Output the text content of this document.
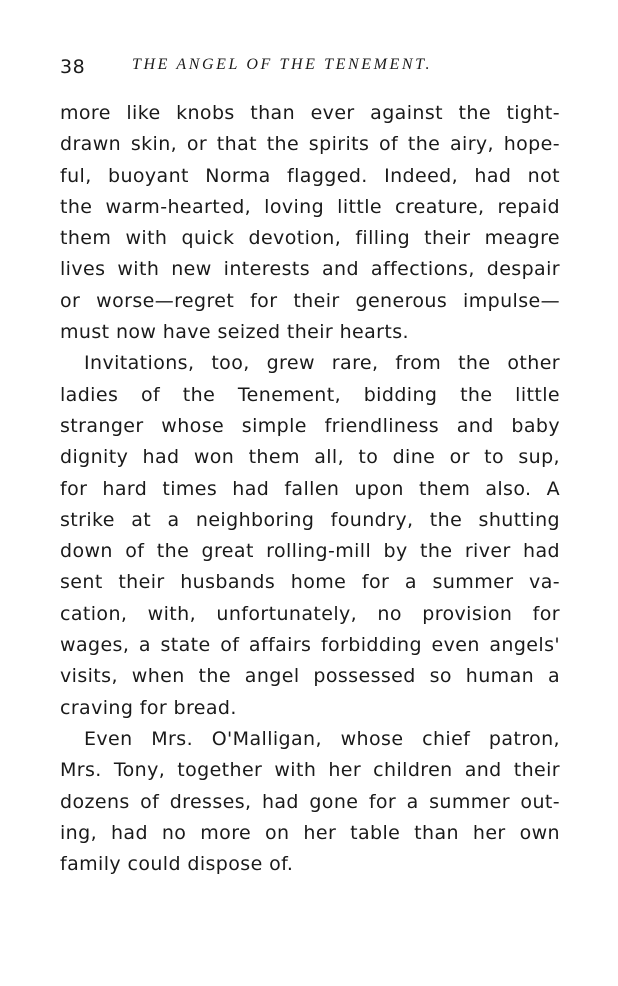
38	THE ANGEL OF THE TENEMENT.
more like knobs than ever against the tight-
drawn skin, or that the spirits of the airy, hope-
ful, buoyant Norma flagged. Indeed, had not
the warm-hearted, loving little creature, repaid
them with quick devotion, filling their meagre
lives with new interests and affections, despair
or worse—regret for their generous impulse—
must now have seized their hearts.
Invitations, too, grew rare, from the other
ladies of the Tenement, bidding the little
stranger whose simple friendliness and baby
dignity had won them all, to dine or to sup,
for hard times had fallen upon them also. A
strike at a neighboring foundry, the shutting
down of the great rolling-mill by the river had
sent their husbands home for a summer va-
cation, with, unfortunately, no provision for
wages, a state of affairs forbidding even angels'
visits, when the angel possessed so human a
craving for bread.
Even Mrs. O'Malligan, whose chief patron,
Mrs. Tony, together with her children and their
dozens of dresses, had gone for a summer out-
ing, had no more on her table than her own
family could dispose of.
